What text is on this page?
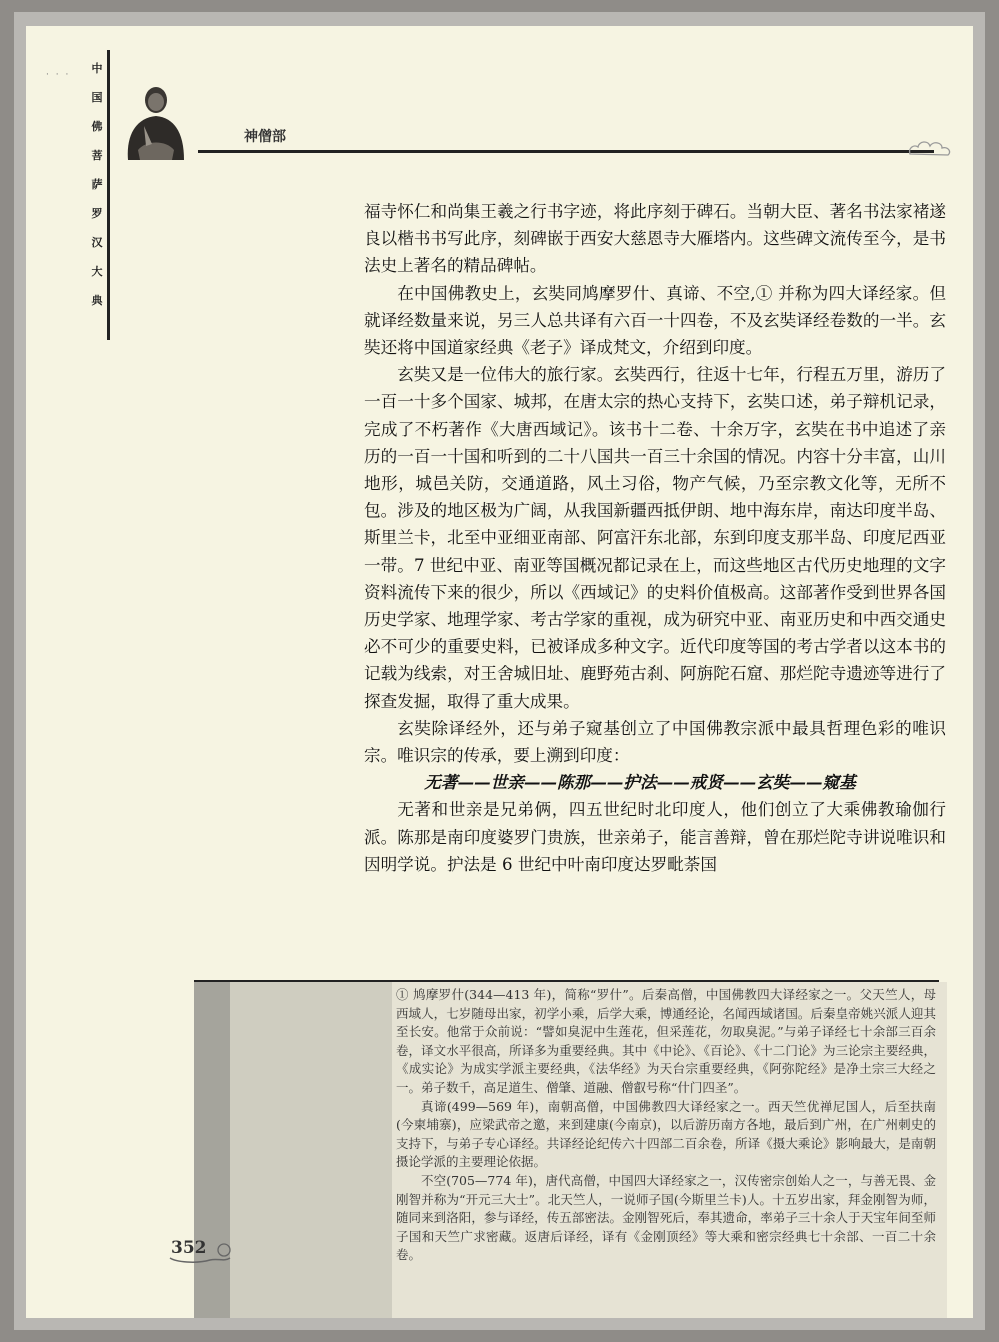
· · ·	中
国
佛
菩
萨
罗
汉
大
典
神僧部

福寺怀仁和尚集王羲之行书字迹，将此序刻于碑石。当朝大臣、著名书法家褚遂良以楷书书写此序，刻碑嵌于西安大慈恩寺大雁塔内。这些碑文流传至今，是书法史上著名的精品碑帖。

在中国佛教史上，玄奘同鸠摩罗什、真谛、不空,① 并称为四大译经家。但就译经数量来说，另三人总共译有六百一十四卷，不及玄奘译经卷数的一半。玄奘还将中国道家经典《老子》译成梵文，介绍到印度。

玄奘又是一位伟大的旅行家。玄奘西行，往返十七年，行程五万里，游历了一百一十多个国家、城邦，在唐太宗的热心支持下，玄奘口述，弟子辩机记录，完成了不朽著作《大唐西域记》。该书十二卷、十余万字，玄奘在书中追述了亲历的一百一十国和听到的二十八国共一百三十余国的情况。内容十分丰富，山川地形，城邑关防，交通道路，风土习俗，物产气候，乃至宗教文化等，无所不包。涉及的地区极为广阔，从我国新疆西抵伊朗、地中海东岸，南达印度半岛、斯里兰卡，北至中亚细亚南部、阿富汗东北部，东到印度支那半岛、印度尼西亚一带。7 世纪中亚、南亚等国概况都记录在上，而这些地区古代历史地理的文字资料流传下来的很少，所以《西域记》的史料价值极高。这部著作受到世界各国历史学家、地理学家、考古学家的重视，成为研究中亚、南亚历史和中西交通史必不可少的重要史料，已被译成多种文字。近代印度等国的考古学者以这本书的记载为线索，对王舍城旧址、鹿野苑古刹、阿旃陀石窟、那烂陀寺遗迹等进行了探查发掘，取得了重大成果。

玄奘除译经外，还与弟子窥基创立了中国佛教宗派中最具哲理色彩的唯识宗。唯识宗的传承，要上溯到印度：

无著——世亲——陈那——护法——戒贤——玄奘——窥基

无著和世亲是兄弟俩，四五世纪时北印度人，他们创立了大乘佛教瑜伽行派。陈那是南印度婆罗门贵族，世亲弟子，能言善辩，曾在那烂陀寺讲说唯识和因明学说。护法是 6 世纪中叶南印度达罗毗荼国

① 鸠摩罗什(344—413 年)，简称“罗什”。后秦高僧，中国佛教四大译经家之一。父天竺人，母西域人，七岁随母出家，初学小乘，后学大乘，博通经论，名闻西域诸国。后秦皇帝姚兴派人迎其至长安。他常于众前说：“譬如臭泥中生莲花，但采莲花，勿取臭泥。”与弟子译经七十余部三百余卷，译文水平很高，所译多为重要经典。其中《中论》、《百论》、《十二门论》为三论宗主要经典，《成实论》为成实学派主要经典，《法华经》为天台宗重要经典，《阿弥陀经》是净土宗三大经之一。弟子数千，高足道生、僧肇、道融、僧叡号称“什门四圣”。

真谛(499—569 年)，南朝高僧，中国佛教四大译经家之一。西天竺优禅尼国人，后至扶南(今柬埔寨)，应梁武帝之邀，来到建康(今南京)，以后游历南方各地，最后到广州，在广州刺史的支持下，与弟子专心译经。共译经论纪传六十四部二百余卷，所译《摄大乘论》影响最大，是南朝摄论学派的主要理论依据。

不空(705—774 年)，唐代高僧，中国四大译经家之一，汉传密宗创始人之一，与善无畏、金刚智并称为“开元三大士”。北天竺人，一说师子国(今斯里兰卡)人。十五岁出家，拜金刚智为师，随同来到洛阳，参与译经，传五部密法。金刚智死后，奉其遗命，率弟子三十余人于天宝年间至师子国和天竺广求密藏。返唐后译经，译有《金刚顶经》等大乘和密宗经典七十余部、一百二十余卷。

352
